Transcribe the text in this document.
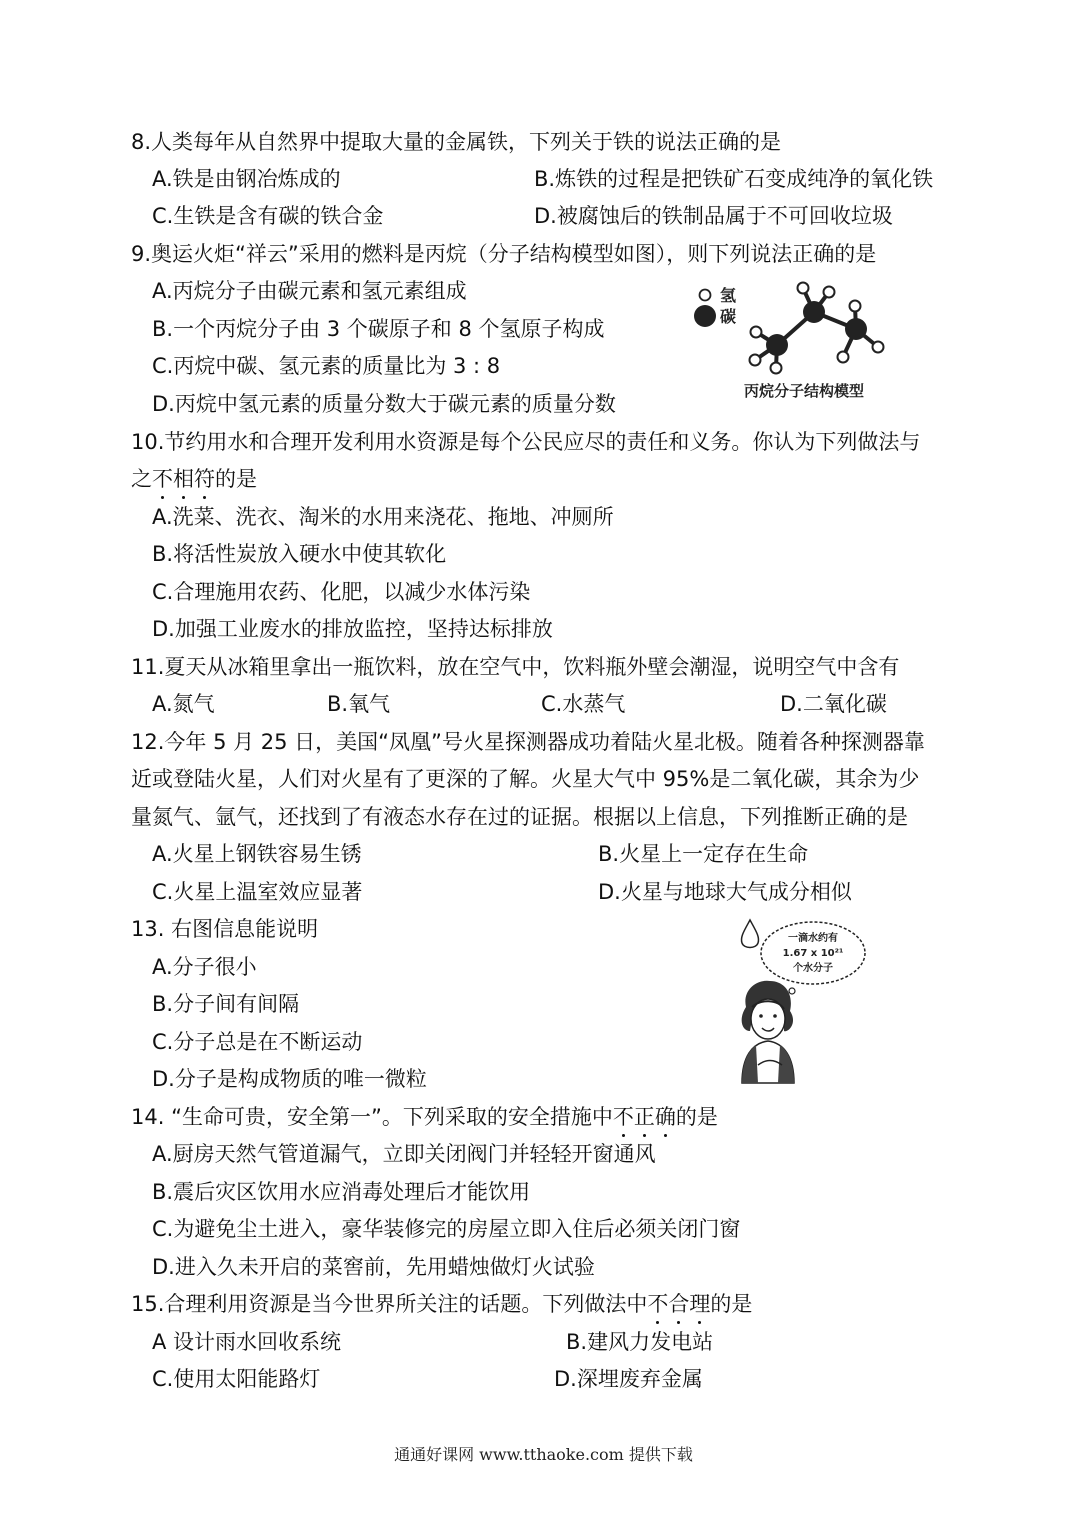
8.人类每年从自然界中提取大量的金属铁，下列关于铁的说法正确的是
A.铁是由钢冶炼成的	B.炼铁的过程是把铁矿石变成纯净的氧化铁
C.生铁是含有碳的铁合金	D.被腐蚀后的铁制品属于不可回收垃圾
9.奥运火炬“祥云”采用的燃料是丙烷（分子结构模型如图），则下列说法正确的是
A.丙烷分子由碳元素和氢元素组成
B.一个丙烷分子由 3 个碳原子和 8 个氢原子构成
C.丙烷中碳、氢元素的质量比为 3 : 8
D.丙烷中氢元素的质量分数大于碳元素的质量分数
氢
碳
丙烷分子结构模型
10.节约用水和合理开发利用水资源是每个公民应尽的责任和义务。你认为下列做法与
之不相符的是
A.洗菜、洗衣、淘米的水用来浇花、拖地、冲厕所
B.将活性炭放入硬水中使其软化
C.合理施用农药、化肥，以减少水体污染
D.加强工业废水的排放监控，坚持达标排放
11.夏天从冰箱里拿出一瓶饮料，放在空气中，饮料瓶外壁会潮湿，说明空气中含有
A.氮气	B.氧气	C.水蒸气	D.二氧化碳
12.今年 5 月 25 日，美国“凤凰”号火星探测器成功着陆火星北极。随着各种探测器靠
近或登陆火星，人们对火星有了更深的了解。火星大气中 95%是二氧化碳，其余为少
量氮气、氩气，还找到了有液态水存在过的证据。根据以上信息，下列推断正确的是
A.火星上钢铁容易生锈	B.火星上一定存在生命
C.火星上温室效应显著	D.火星与地球大气成分相似
13. 右图信息能说明
A.分子很小
B.分子间有间隔
C.分子总是在不断运动
D.分子是构成物质的唯一微粒
一滴水约有
1.67 x 10²¹
个水分子
14. “生命可贵，安全第一”。下列采取的安全措施中不正确的是
A.厨房天然气管道漏气，立即关闭阀门并轻轻开窗通风
B.震后灾区饮用水应消毒处理后才能饮用
C.为避免尘土进入，豪华装修完的房屋立即入住后必须关闭门窗
D.进入久未开启的菜窖前，先用蜡烛做灯火试验
15.合理利用资源是当今世界所关注的话题。下列做法中不合理的是
A 设计雨水回收系统	B.建风力发电站
C.使用太阳能路灯	D.深埋废弃金属
通通好课网 www.tthaoke.com 提供下载
